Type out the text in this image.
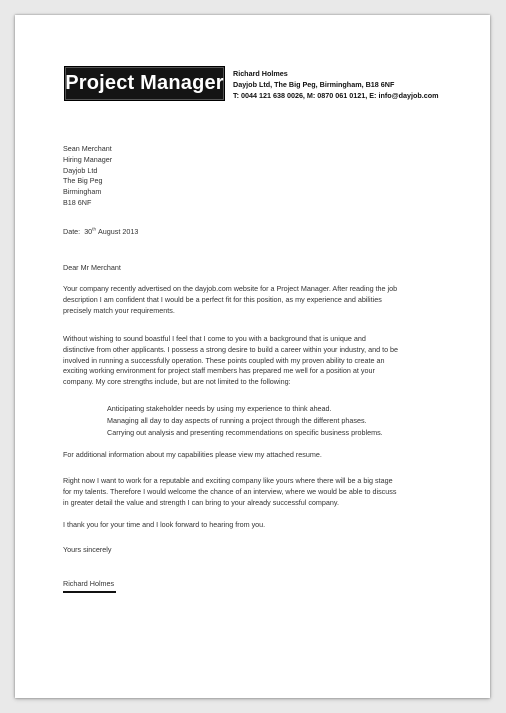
Project Manager Richard Holmes
Dayjob Ltd, The Big Peg, Birmingham, B18 6NF
T: 0044 121 638 0026, M: 0870 061 0121, E: info@dayjob.com
Sean Merchant
Hiring Manager
Dayjob Ltd
The Big Peg
Birmingham
B18 6NF
Date: 30th August 2013
Dear Mr Merchant
Your company recently advertised on the dayjob.com website for a Project Manager. After reading the job
description I am confident that I would be a perfect fit for this position, as my experience and abilities
precisely match your requirements.
Without wishing to sound boastful I feel that I come to you with a background that is unique and
distinctive from other applicants. I possess a strong desire to build a career within your industry, and to be
involved in running a successfully operation. These points coupled with my proven ability to create an
exciting working environment for project staff members has prepared me well for a position at your
company. My core strengths include, but are not limited to the following:
Anticipating stakeholder needs by using my experience to think ahead.
Managing all day to day aspects of running a project through the different phases.
Carrying out analysis and presenting recommendations on specific business problems.
For additional information about my capabilities please view my attached resume.
Right now I want to work for a reputable and exciting company like yours where there will be a big stage
for my talents. Therefore I would welcome the chance of an interview, where we would be able to discuss
in greater detail the value and strength I can bring to your already successful company.
I thank you for your time and I look forward to hearing from you.
Yours sincerely
Richard Holmes
